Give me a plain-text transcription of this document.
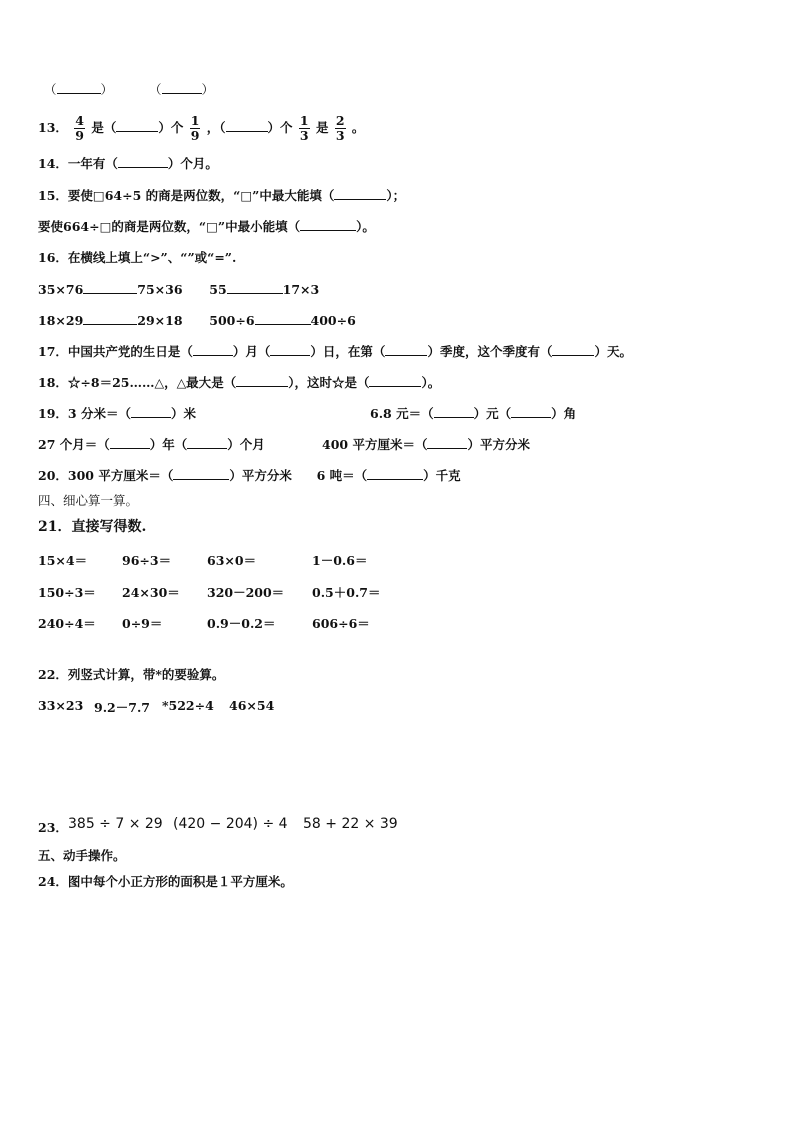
（	）	（	）
13． $\frac{4}{9}$ 是（	）个 $\frac{1}{9}$ ，（	）个 $\frac{1}{3}$ 是 $\frac{2}{3}$ 。
14．一年有（	）个月。
15．要使□64÷5 的商是两位数，“□”中最大能填（	）；
要使664÷□的商是两位数，“□”中最小能填（	）。
16．在横线上填上“>”、“”或“=”.
35×76	75×36 55	17×3
18×29	29×18 500÷6	400÷6
17．中国共产党的生日是（	）月（	）日，在第（	）季度，这个季度有（	）天。
18．☆÷8＝25……△，△最大是（	），这时☆是（	）。
19．3 分米＝（	）米	6.8 元＝（	）元（	）角
27 个月＝（	）年（	）个月	400 平方厘米＝（	）平方分米
20．300 平方厘米＝（	）平方分米 6 吨＝（	）千克
四、细心算一算。
21．直接写得数.
15×4＝	96÷3＝	63×0＝	1－0.6＝
150÷3＝ 24×30＝ 320－200＝ 0.5＋0.7＝
240÷4＝ 0÷9＝	0.9－0.2＝	606÷6＝
22．列竖式计算，带*的要验算。
33×23 9.2－7.7 *522÷4 46×54
23． 385 ÷ 7 × 29 (420 − 204) ÷ 4 58 + 22 × 39
五、动手操作。
24．图中每个小正方形的面积是１平方厘米。
